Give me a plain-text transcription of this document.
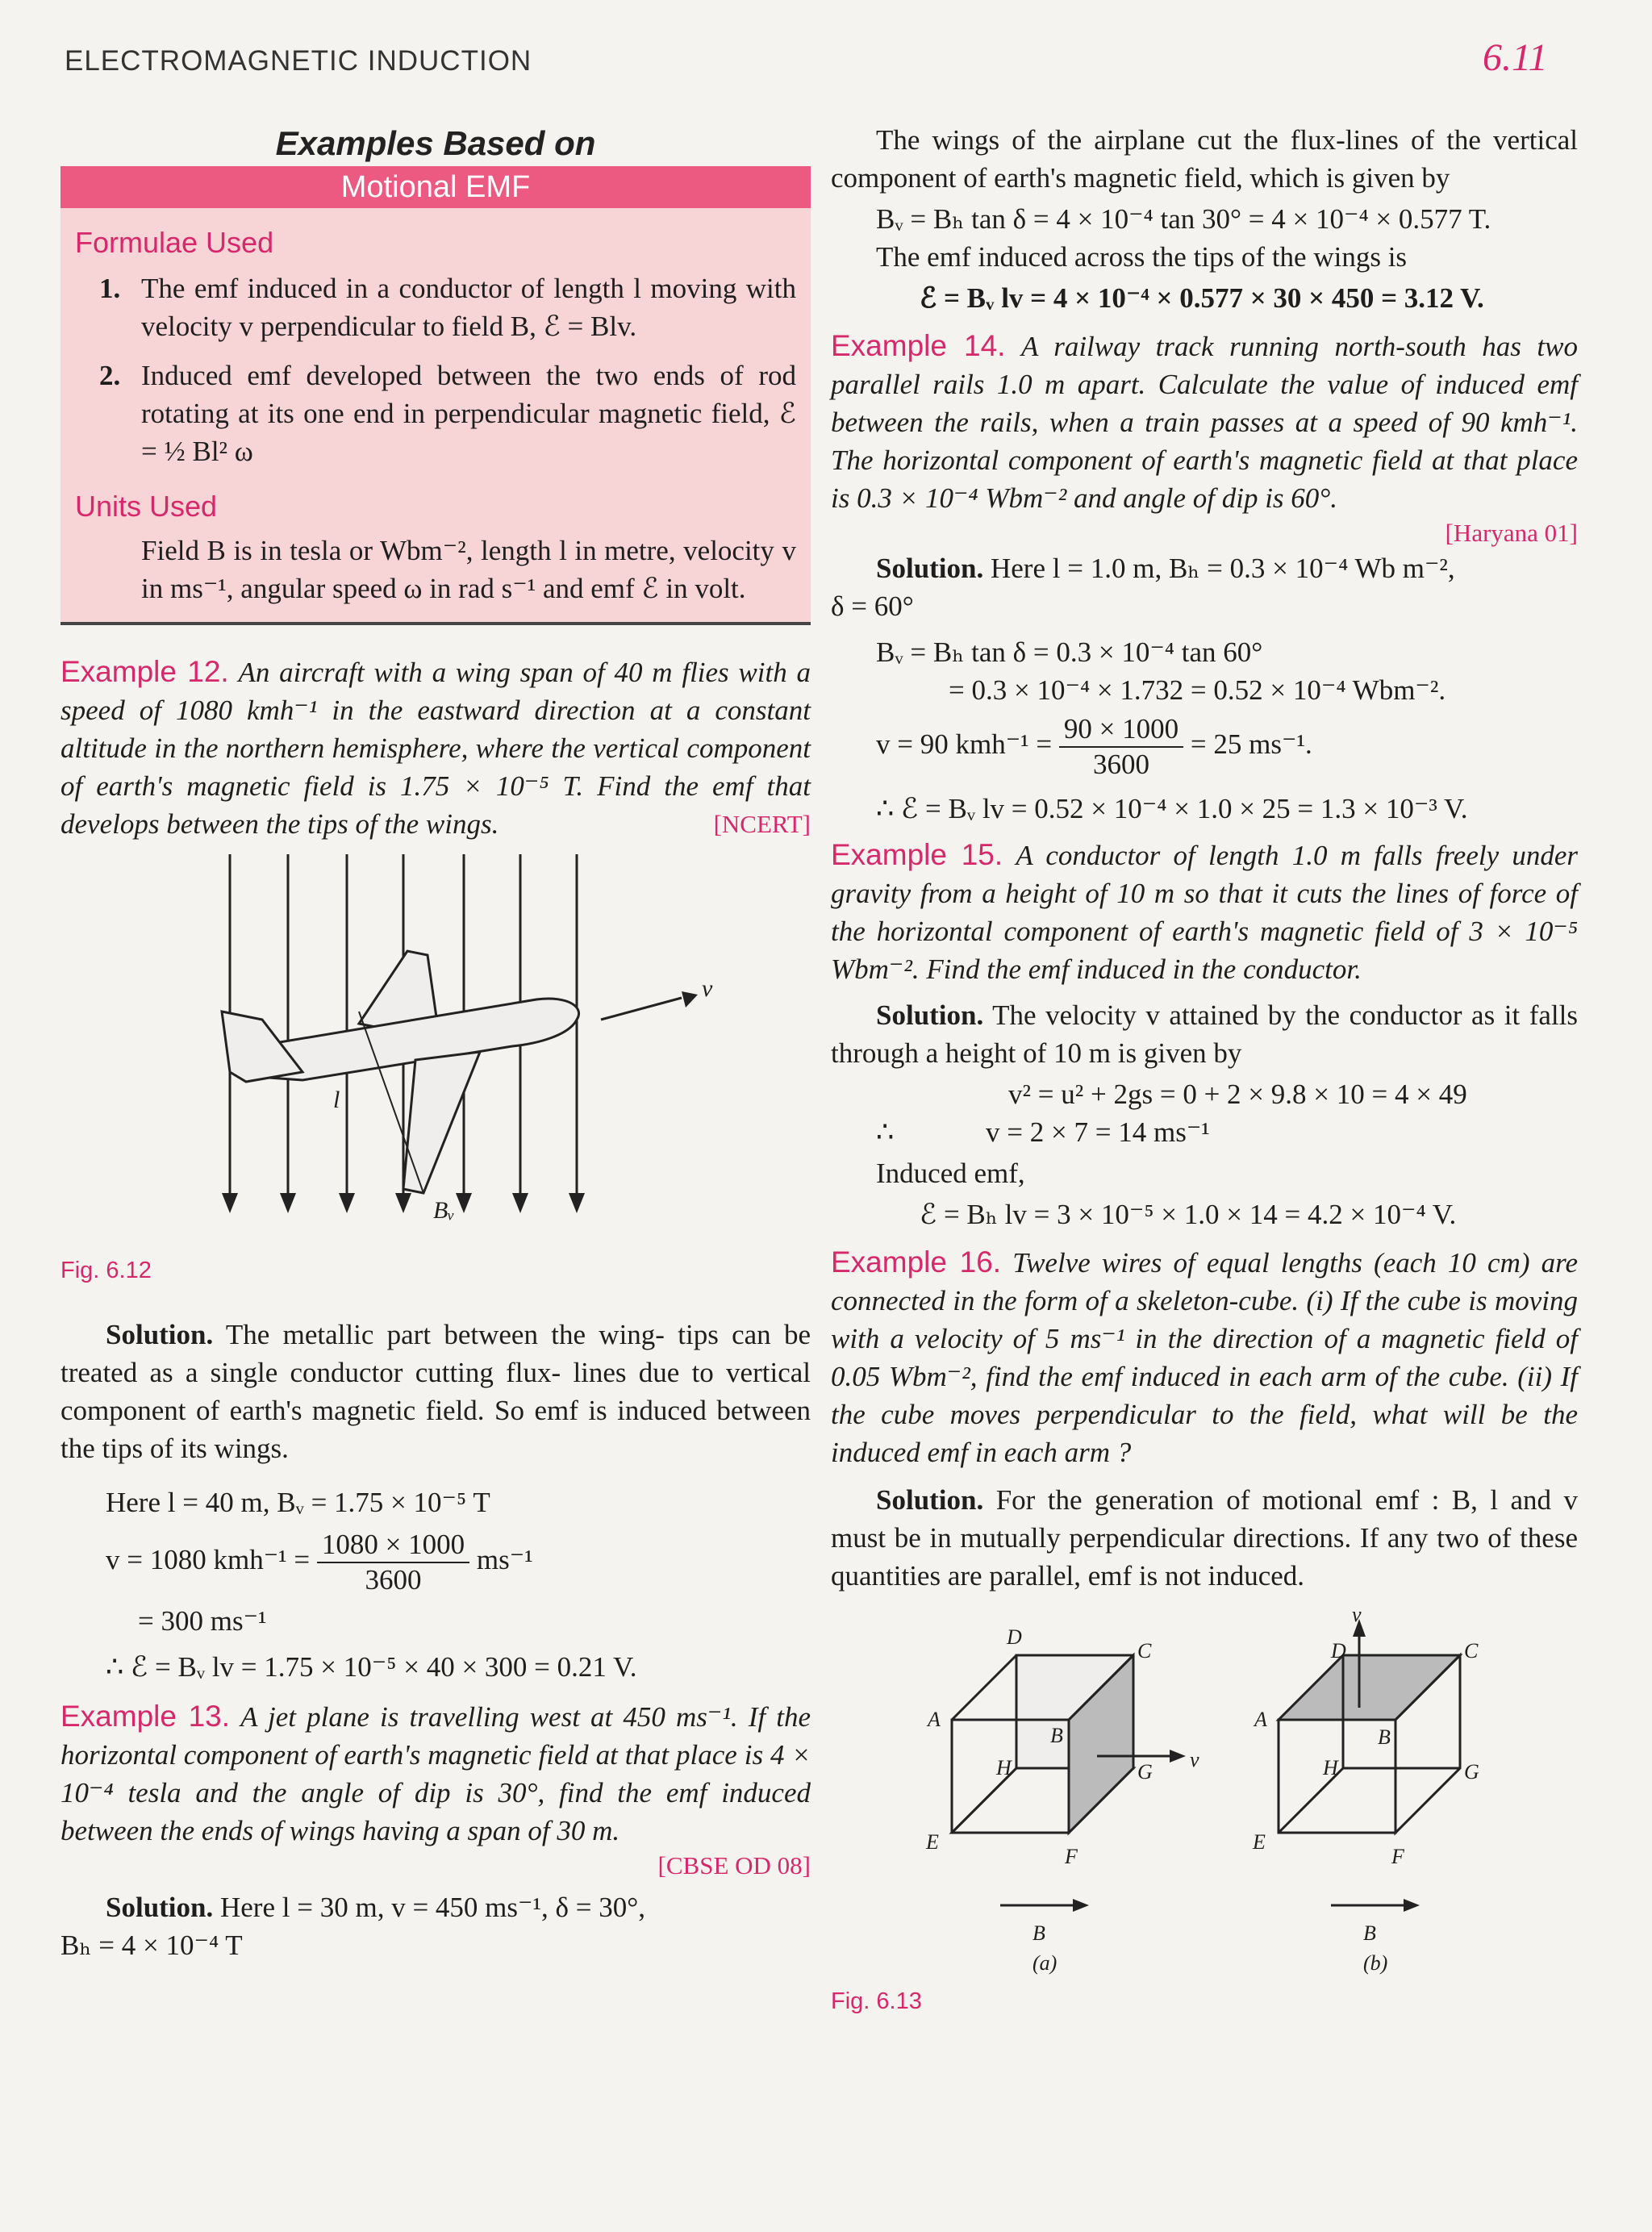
ELECTROMAGNETIC INDUCTION	6.11
Examples Based on
Motional EMF
Formulae Used
1. The emf induced in a conductor of length l moving with velocity v perpendicular to field B, ℰ = Blv.
2. Induced emf developed between the two ends of rod rotating at its one end in perpendicular magnetic field, ℰ = ½ Bl² ω
Units Used

Field B is in tesla or Wbm⁻², length l in metre, velocity v in ms⁻¹, angular speed ω in rad s⁻¹ and emf ℰ in volt.

Example 12. An aircraft with a wing span of 40 m flies with a speed of 1080 kmh⁻¹ in the eastward direction at a constant altitude in the northern hemisphere, where the vertical component of earth's magnetic field is 1.75 × 10⁻⁵ T. Find the emf that develops between the tips of the wings.	[NCERT]

v
l
Bᵥ
Fig. 6.12

Solution. The metallic part between the wing- tips can be treated as a single conductor cutting flux- lines due to vertical component of earth's magnetic field. So emf is induced between the tips of its wings.

Here l = 40 m, Bᵥ = 1.75 × 10⁻⁵ T

v = 1080 $kmh^{-1} = \frac{1080 \times 1000}{3600} ms^{-1}$

= 300 ms⁻¹

∴ ℰ = Bᵥ lv = 1.75 × 10⁻⁵ × 40 × 300 = 0.21 V.

Example 13. A jet plane is travelling west at 450 ms⁻¹. If the horizontal component of earth's magnetic field at that place is 4 × 10⁻⁴ tesla and the angle of dip is 30°, find the emf induced between the ends of wings having a span of 30 m.

[CBSE OD 08]

Solution. Here l = 30 m, v = 450 ms⁻¹, δ = 30°,

Bₕ = 4 × 10⁻⁴ T

The wings of the airplane cut the flux-lines of the vertical component of earth's magnetic field, which is given by

Bᵥ = Bₕ tan δ = 4 × 10⁻⁴ tan 30° = 4 × 10⁻⁴ × 0.577 T.

The emf induced across the tips of the wings is

ℰ = Bᵥ lv = 4 × 10⁻⁴ × 0.577 × 30 × 450 = 3.12 V.

Example 14. A railway track running north-south has two parallel rails 1.0 m apart. Calculate the value of induced emf between the rails, when a train passes at a speed of 90 kmh⁻¹. The horizontal component of earth's magnetic field at that place is 0.3 × 10⁻⁴ Wbm⁻² and angle of dip is 60°.

[Haryana 01]

Solution. Here l = 1.0 m, Bₕ = 0.3 × 10⁻⁴ Wb m⁻²,

δ = 60°

Bᵥ = Bₕ tan δ = 0.3 × 10⁻⁴ tan 60°

= 0.3 × 10⁻⁴ × 1.732 = 0.52 × 10⁻⁴ Wbm⁻².

v = 90 $kmh^{-1} = \frac{90 \times 1000}{3600} = 25$ ms⁻¹.

∴ ℰ = Bᵥ lv = 0.52 × 10⁻⁴ × 1.0 × 25 = 1.3 × 10⁻³ V.

Example 15. A conductor of length 1.0 m falls freely under gravity from a height of 10 m so that it cuts the lines of force of the horizontal component of earth's magnetic field of 3 × 10⁻⁵ Wbm⁻². Find the emf induced in the conductor.

Solution. The velocity v attained by the conductor as it falls through a height of 10 m is given by

v² = u² + 2gs = 0 + 2 × 9.8 × 10 = 4 × 49

∴             v = 2 × 7 = 14 ms⁻¹

Induced emf,

ℰ = Bₕ lv = 3 × 10⁻⁵ × 1.0 × 14 = 4.2 × 10⁻⁴ V.

Example 16. Twelve wires of equal lengths (each 10 cm) are connected in the form of a skeleton-cube. (i) If the cube is moving with a velocity of 5 ms⁻¹ in the direction of a magnetic field of 0.05 Wbm⁻², find the emf induced in each arm of the cube. (ii) If the cube moves perpendicular to the field, what will be the induced emf in each arm ?

Solution. For the generation of motional emf : B, l and v must be in mutually perpendicular directions. If any two of these quantities are parallel, emf is not induced.

D
C
A
B
H	G
E
F
v
B
(a)
v
D	C
A
B
H	G
E
F
B
(b)
Fig. 6.13
